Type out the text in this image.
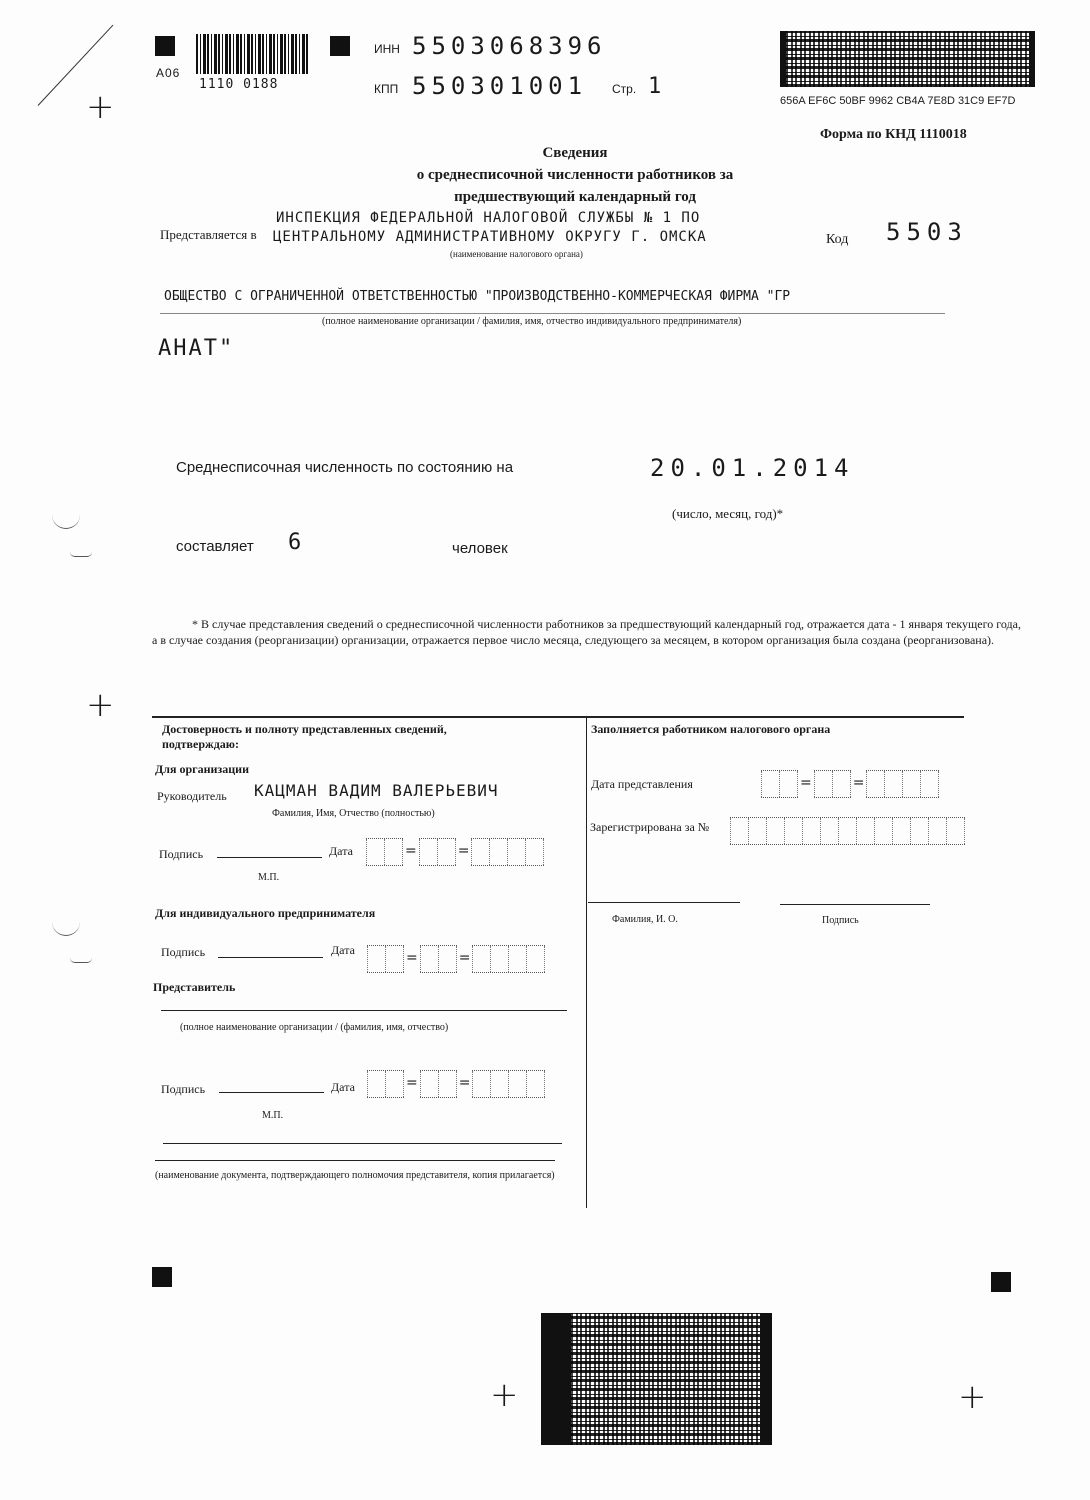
+
А06
1110 0188
ИНН 5503068396
КПП 550301001 Стр. 1
656A EF6C 50BF 9962 CB4A 7E8D 31C9 EF7D
Форма по КНД 1110018
Сведения
о среднесписочной численности работников за
предшествующий календарный год
ИНСПЕКЦИЯ ФЕДЕРАЛЬНОЙ НАЛОГОВОЙ СЛУЖБЫ № 1 ПО
Представляется в ЦЕНТРАЛЬНОМУ АДМИНИСТРАТИВНОМУ ОКРУГУ Г. ОМСКА
(наименование налогового органа)
Код 5503
ОБЩЕСТВО С ОГРАНИЧЕННОЙ ОТВЕТСТВЕННОСТЬЮ "ПРОИЗВОДСТВЕННО-КОММЕРЧЕСКАЯ ФИРМА "ГР
(полное наименование организации / фамилия, имя, отчество индивидуального предпринимателя)
АНАТ"
Среднесписочная численность по состоянию на	20.01.2014
(число, месяц, год)*
составляет 6	человек
* В случае представления сведений о среднесписочной численности работников за предшествующий календарный год, отражается дата - 1 января текущего года, а в случае создания (реорганизации) организации, отражается первое число месяца, следующего за месяцем, в котором организация была создана (реорганизована).
+
Достоверность и полноту представленных сведений, подтверждаю:
Для организации
Руководитель КАЦМАН ВАДИМ ВАЛЕРЬЕВИЧ
Фамилия, Имя, Отчество (полностью)
Подпись	Дата	=	=
М.П.
Для индивидуального предпринимателя
Подпись	Дата	=	=
Представитель
(полное наименование организации / (фамилия, имя, отчество)
Подпись	Дата	=	=
М.П.
(наименование документа, подтверждающего полномочия представителя, копия прилагается)
Заполняется работником налогового органа
Дата представления	=	=
Зарегистрирована за №
Фамилия, И. О.	Подпись
+	+
